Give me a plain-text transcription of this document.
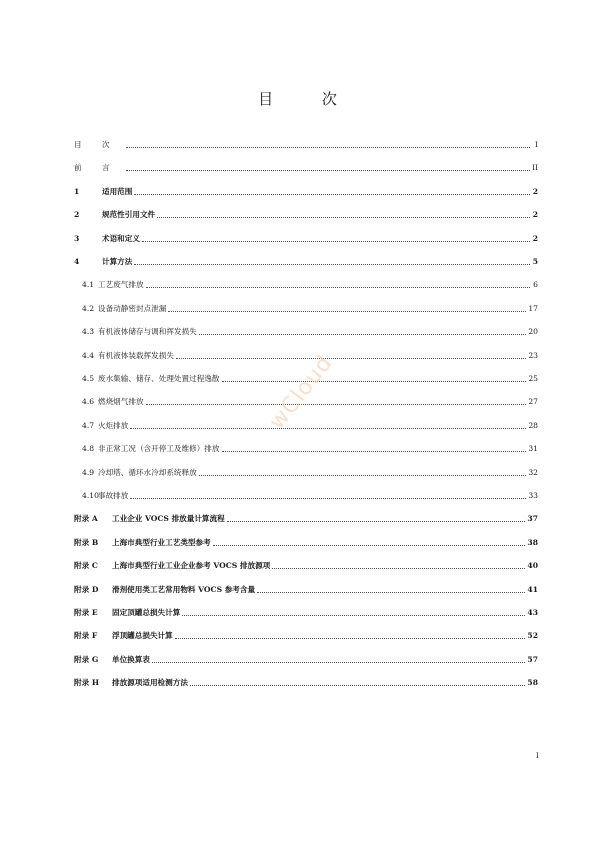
目 次
目	次	I
前	言	II
1	适用范围	2
2	规范性引用文件	2
3	术语和定义	2
4	计算方法	5
4.1 工艺废气排放	6
4.2 设备动静密封点泄漏	17
4.3 有机液体储存与调和挥发损失	20
4.4 有机液体装载挥发损失	23
4.5 废水集输、储存、处理处置过程逸散	25
4.6 燃烧烟气排放	27
4.7 火炬排放	28
4.8 非正常工况（含开停工及维修）排放	31
4.9 冷却塔、循环水冷却系统释放	32
4.10 事故排放	33
附录 A	工业企业 VOCS 排放量计算流程	37
附录 B	上海市典型行业工艺类型参考	38
附录 C	上海市典型行业工业企业参考 VOCS 排放源项	40
附录 D	滑剂使用类工艺常用物料 VOCS 参考含量	41
附录 E	固定顶罐总损失计算	43
附录 F	浮顶罐总损失计算	52
附录 G	单位换算表	57
附录 H	排放源项适用检测方法	58
wCloud
I
